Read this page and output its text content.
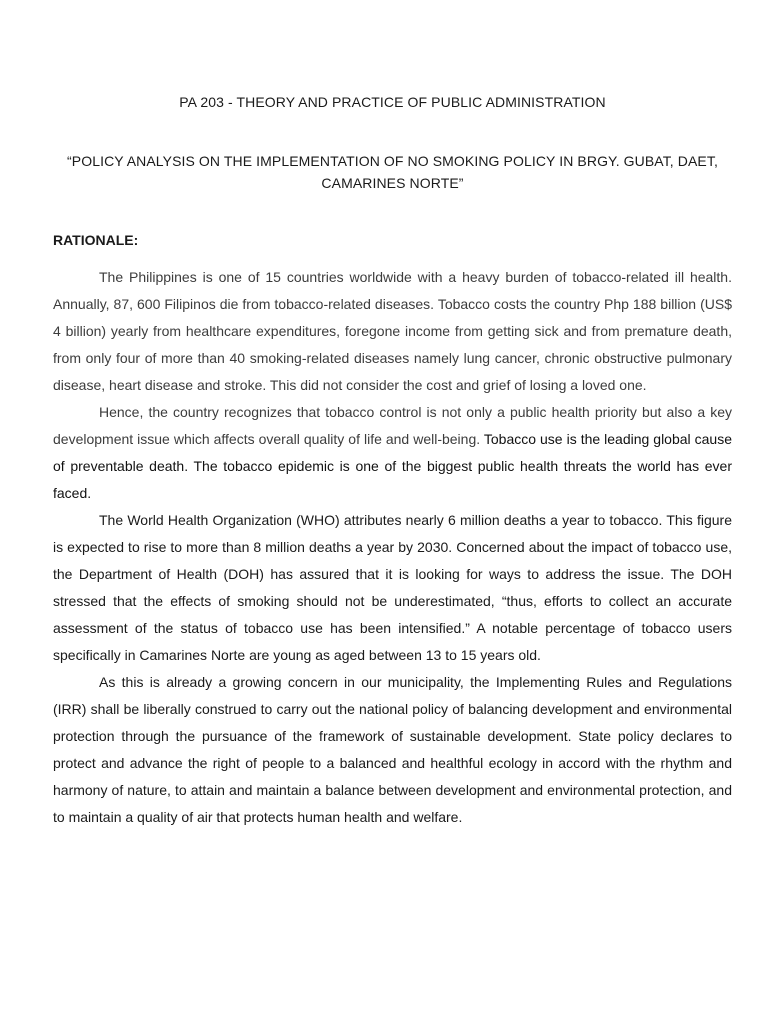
PA 203 - THEORY AND PRACTICE OF PUBLIC ADMINISTRATION
“POLICY ANALYSIS ON THE IMPLEMENTATION OF NO SMOKING POLICY IN BRGY. GUBAT, DAET, CAMARINES NORTE”
RATIONALE:

The Philippines is one of 15 countries worldwide with a heavy burden of tobacco-related ill health. Annually, 87, 600 Filipinos die from tobacco-related diseases. Tobacco costs the country Php 188 billion (US$ 4 billion) yearly from healthcare expenditures, foregone income from getting sick and from premature death, from only four of more than 40 smoking-related diseases namely lung cancer, chronic obstructive pulmonary disease, heart disease and stroke. This did not consider the cost and grief of losing a loved one.

Hence, the country recognizes that tobacco control is not only a public health priority but also a key development issue which affects overall quality of life and well-being. Tobacco use is the leading global cause of preventable death. The tobacco epidemic is one of the biggest public health threats the world has ever faced.

The World Health Organization (WHO) attributes nearly 6 million deaths a year to tobacco. This figure is expected to rise to more than 8 million deaths a year by 2030. Concerned about the impact of tobacco use, the Department of Health (DOH) has assured that it is looking for ways to address the issue. The DOH stressed that the effects of smoking should not be underestimated, “thus, efforts to collect an accurate assessment of the status of tobacco use has been intensified.” A notable percentage of tobacco users specifically in Camarines Norte are young as aged between 13 to 15 years old.

As this is already a growing concern in our municipality, the Implementing Rules and Regulations (IRR) shall be liberally construed to carry out the national policy of balancing development and environmental protection through the pursuance of the framework of sustainable development. State policy declares to protect and advance the right of people to a balanced and healthful ecology in accord with the rhythm and harmony of nature, to attain and maintain a balance between development and environmental protection, and to maintain a quality of air that protects human health and welfare.
